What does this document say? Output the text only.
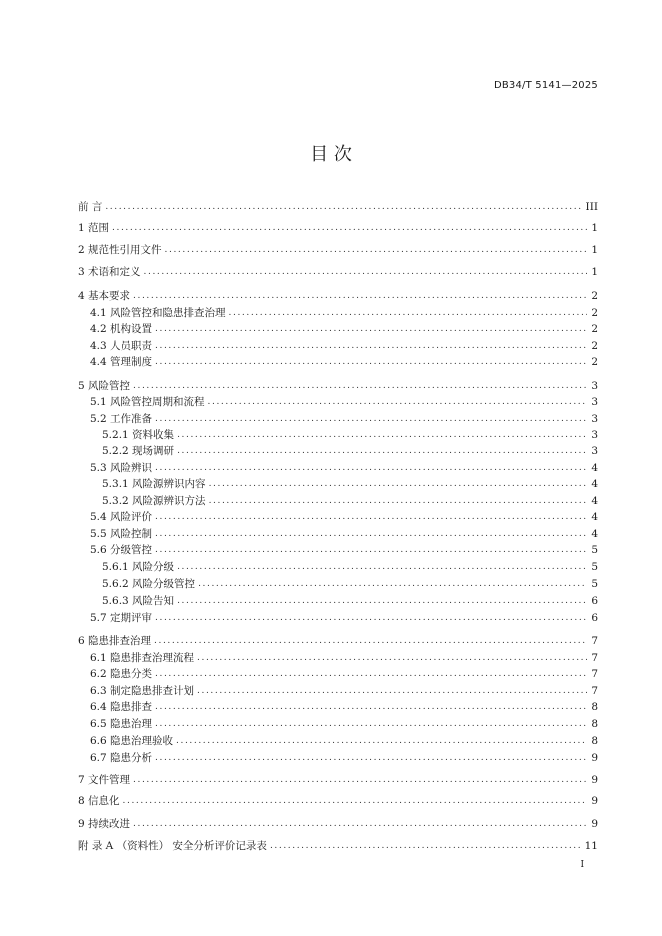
DB34/T 5141—2025
目 次
前 言 .....	III
1 范围 .....	1
2 规范性引用文件 .....	1
3 术语和定义 .....	1
4 基本要求 .....	2
4.1 风险管控和隐患排查治理 .....	2
4.2 机构设置 .....	2
4.3 人员职责 .....	2
4.4 管理制度 .....	2
5 风险管控 .....	3
5.1 风险管控周期和流程 .....	3
5.2 工作准备 .....	3
5.2.1 资料收集 .....	3
5.2.2 现场调研 .....	3
5.3 风险辨识 .....	4
5.3.1 风险源辨识内容 .....	4
5.3.2 风险源辨识方法 .....	4
5.4 风险评价 .....	4
5.5 风险控制 .....	4
5.6 分级管控 .....	5
5.6.1 风险分级 .....	5
5.6.2 风险分级管控 .....	5
5.6.3 风险告知 .....	6
5.7 定期评审 .....	6
6 隐患排查治理 .....	7
6.1 隐患排查治理流程 .....	7
6.2 隐患分类 .....	7
6.3 制定隐患排查计划 .....	7
6.4 隐患排查 .....	8
6.5 隐患治理 .....	8
6.6 隐患治理验收 .....	8
6.7 隐患分析 .....	9
7 文件管理 .....	9
8 信息化 .....	9
9 持续改进 .....	9
附 录 A （资料性） 安全分析评价记录表 .....	11
I
